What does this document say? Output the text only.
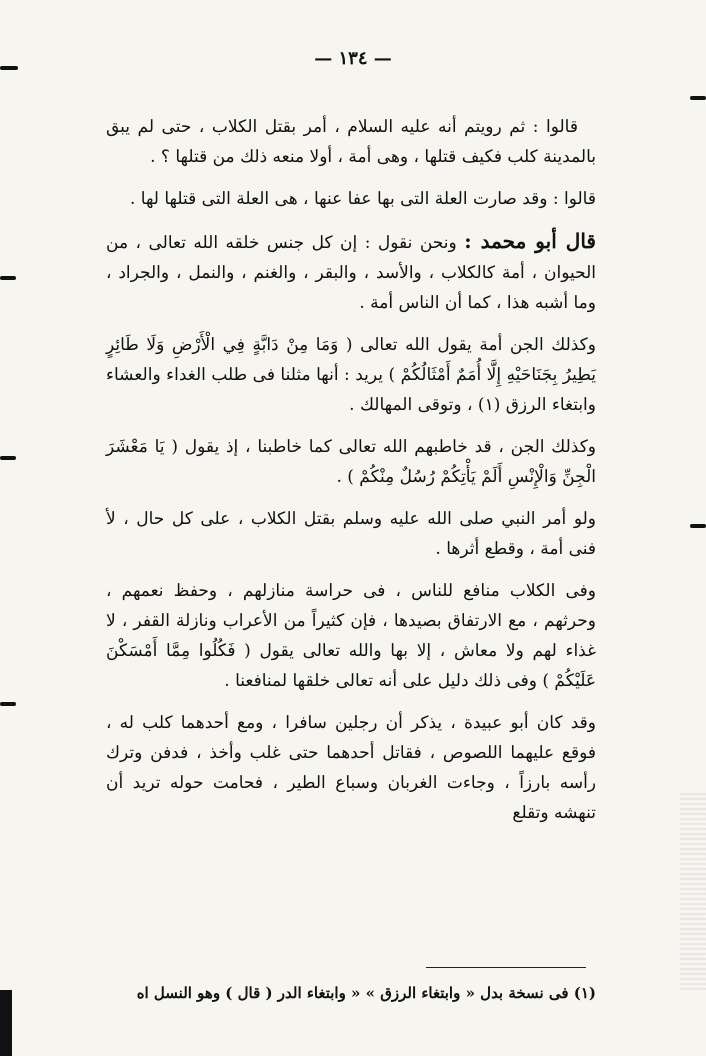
— ١٣٤ —

قالوا : ثم رويتم أنه عليه السلام ، أمر بقتل الكلاب ، حتى لم يبق بالمدينة كلب فكيف قتلها ، وهى أمة ، أولا منعه ذلك من قتلها ؟ .

قالوا : وقد صارت العلة التى بها عفا عنها ، هى العلة التى قتلها لها .

قال أبو محمد : ونحن نقول : إن كل جنس خلقه الله تعالى ، من الحيوان ، أمة كالكلاب ، والأسد ، والبقر ، والغنم ، والنمل ، والجراد ، وما أشبه هذا ، كما أن الناس أمة .

وكذلك الجن أمة يقول الله تعالى ( وَمَا مِنْ دَابَّةٍ فِي الْأَرْضِ وَلَا طَائِرٍ يَطِيرُ بِجَنَاحَيْهِ إِلَّا أُمَمٌ أَمْثَالُكُمْ ) يريد : أنها مثلنا فى طلب الغداء والعشاء وابتغاء الرزق (١) ، وتوقى المهالك .

وكذلك الجن ، قد خاطبهم الله تعالى كما خاطبنا ، إذ يقول ( يَا مَعْشَرَ الْجِنِّ وَالْإِنْسِ أَلَمْ يَأْتِكُمْ رُسُلٌ مِنْكُمْ ) .

ولو أمر النبي صلى الله عليه وسلم بقتل الكلاب ، على كل حال ، لأ فنى أمة ، وقطع أثرها .

وفى الكلاب منافع للناس ، فى حراسة منازلهم ، وحفظ نعمهم ، وحرثهم ، مع الارتفاق بصيدها ، فإن كثيراً من الأعراب ونازلة القفر ، لا غذاء لهم ولا معاش ، إلا بها والله تعالى يقول ( فَكُلُوا مِمَّا أَمْسَكْنَ عَلَيْكُمْ ) وفى ذلك دليل على أنه تعالى خلقها لمنافعنا .

وقد كان أبو عبيدة ، يذكر أن رجلين سافرا ، ومع أحدهما كلب له ، فوقع عليهما اللصوص ، فقاتل أحدهما حتى غلب وأخذ ، فدفن وترك رأسه بارزاً ، وجاءت الغربان وسباع الطير ، فحامت حوله تريد أن تنهشه وتقلع

(١) فى نسخة بدل « وابتغاء الرزق » « وابتغاء الدر ( قال ) وهو النسل اه
